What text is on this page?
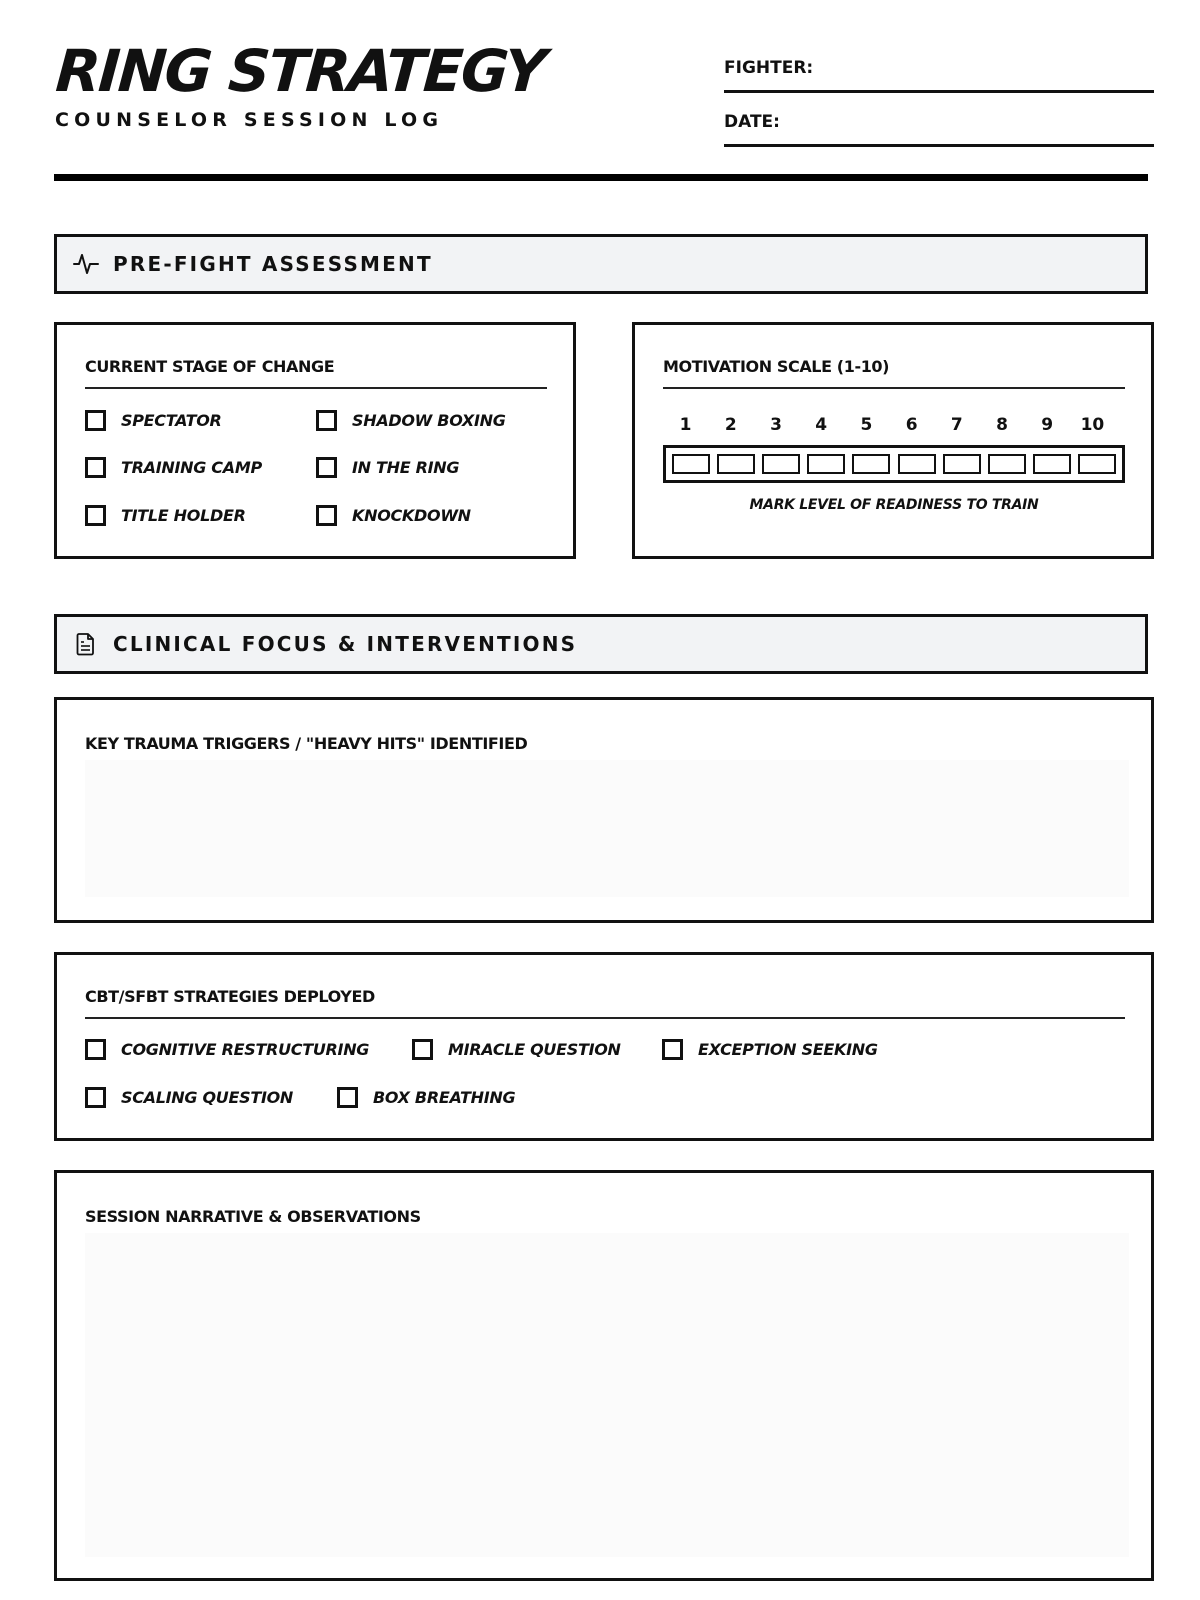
RING STRATEGY
COUNSELOR SESSION LOG
FIGHTER:
DATE:
PRE-FIGHT ASSESSMENT
CURRENT STAGE OF CHANGE
SPECTATOR	SHADOW BOXING
TRAINING CAMP	IN THE RING
TITLE HOLDER	KNOCKDOWN
MOTIVATION SCALE (1-10)
1	2	3	4	5	6	7	8	9	10
MARK LEVEL OF READINESS TO TRAIN
CLINICAL FOCUS & INTERVENTIONS
KEY TRAUMA TRIGGERS / "HEAVY HITS" IDENTIFIED
CBT/SFBT STRATEGIES DEPLOYED
COGNITIVE RESTRUCTURING	MIRACLE QUESTION	EXCEPTION SEEKING
SCALING QUESTION	BOX BREATHING
SESSION NARRATIVE & OBSERVATIONS
